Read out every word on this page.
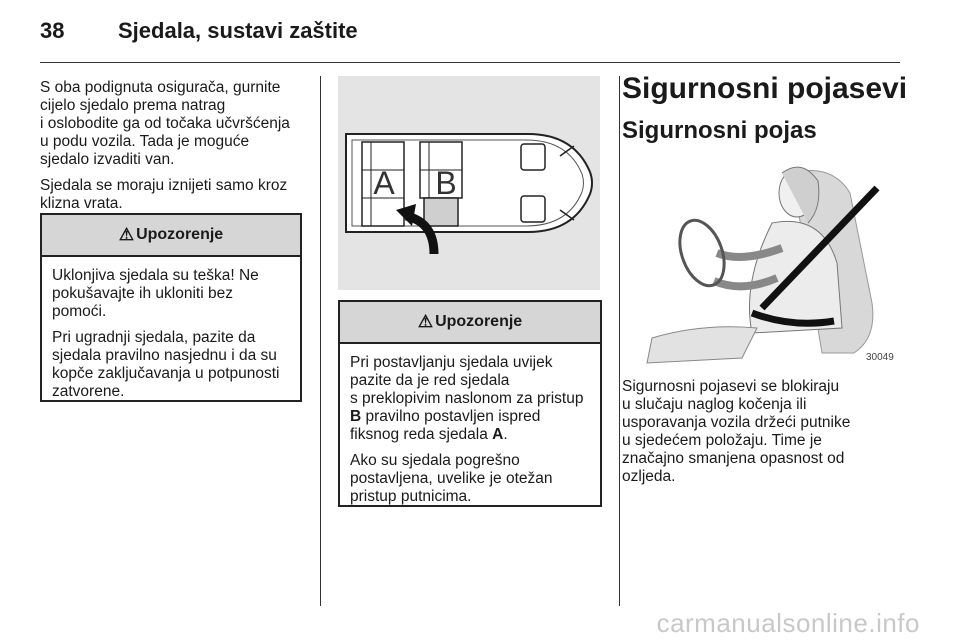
38 Sjedala, sustavi zaštite

S oba podignuta osigurača, gurnite
cijelo sjedalo prema natrag
i oslobodite ga od točaka učvršćenja
u podu vozila. Tada je moguće
sjedalo izvaditi van.

Sjedala se moraju iznijeti samo kroz
klizna vrata.

⚠ Upozorenje

Uklonjiva sjedala su teška! Ne
pokušavajte ih ukloniti bez
pomoći.

Pri ugradnji sjedala, pazite da
sjedala pravilno nasjednu i da su
kopče zaključavanja u potpunosti
zatvorene.

A B
⚠ Upozorenje

Pri postavljanju sjedala uvijek
pazite da je red sjedala
s preklopivim naslonom za pristup
B pravilno postavljen ispred
fiksnog reda sjedala A.

Ako su sjedala pogrešno
postavljena, uvelike je otežan
pristup putnicima.

Sigurnosni pojasevi
Sigurnosni pojas
30049

Sigurnosni pojasevi se blokiraju
u slučaju naglog kočenja ili
usporavanja vozila držeći putnike
u sjedećem položaju. Time je
značajno smanjena opasnost od
ozljeda.

carmanualsonline.info
